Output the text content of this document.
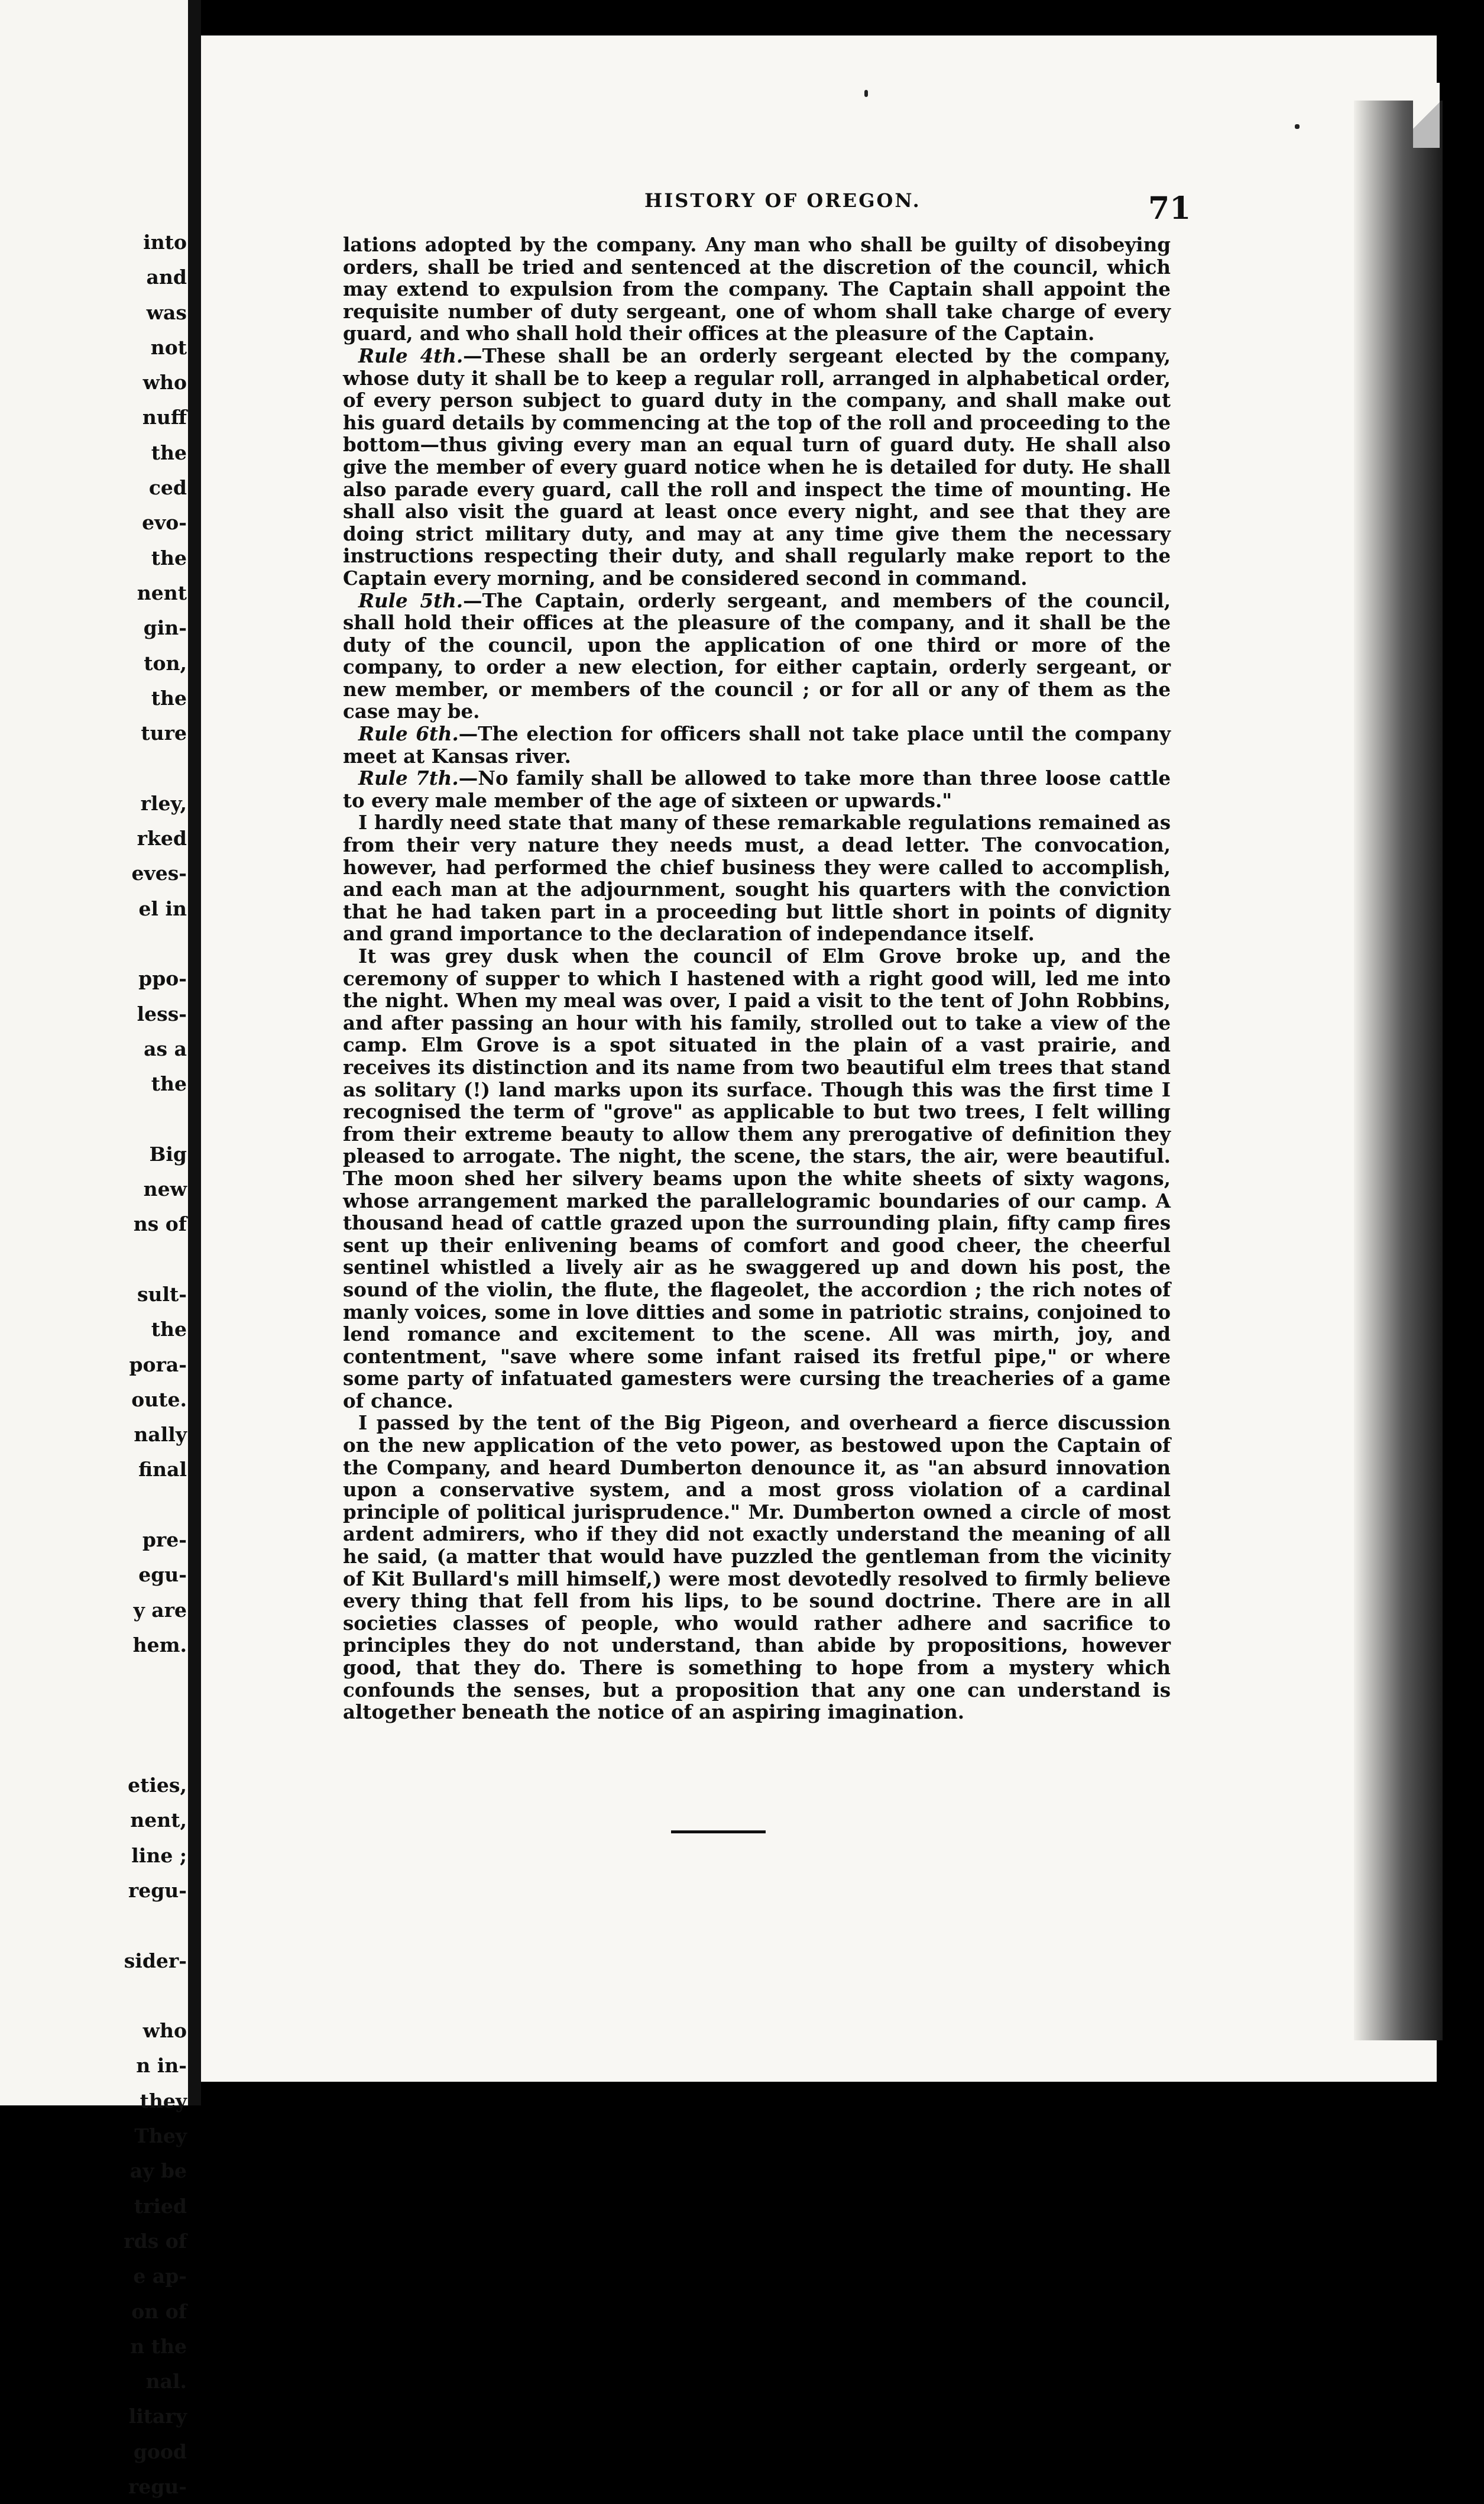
into
and
was
not
who
nuff
the
ced
evo-
the
nent
gin-
ton,
the
ture
rley,
rked
eves-
el in
ppo-
less-
as a
the
Big
new
ns of
sult-
the
pora-
oute.
nally
final
pre-
egu-
y are
hem.
eties,
nent,
line ;
regu-
sider-
who
n in-
they
They
ay be
tried
rds of
e ap-
on of
n the
nal.
litary
good
regu-
HISTORY OF OREGON.	71

lations adopted by the company. Any man who shall be guilty of disobeying orders, shall be tried and sentenced at the discretion of the council, which may extend to expulsion from the company. The Captain shall appoint the requisite number of duty sergeant, one of whom shall take charge of every guard, and who shall hold their offices at the pleasure of the Captain.

Rule 4th.—These shall be an orderly sergeant elected by the company, whose duty it shall be to keep a regular roll, arranged in alphabetical order, of every person subject to guard duty in the company, and shall make out his guard details by commencing at the top of the roll and proceeding to the bottom—thus giving every man an equal turn of guard duty. He shall also give the member of every guard notice when he is detailed for duty. He shall also parade every guard, call the roll and inspect the time of mounting. He shall also visit the guard at least once every night, and see that they are doing strict military duty, and may at any time give them the necessary instructions respecting their duty, and shall regularly make report to the Captain every morning, and be considered second in command.

Rule 5th.—The Captain, orderly sergeant, and members of the council, shall hold their offices at the pleasure of the company, and it shall be the duty of the council, upon the application of one third or more of the company, to order a new election, for either captain, orderly sergeant, or new member, or members of the council ; or for all or any of them as the case may be.

Rule 6th.—The election for officers shall not take place until the company meet at Kansas river.

Rule 7th.—No family shall be allowed to take more than three loose cattle to every male member of the age of sixteen or upwards."

I hardly need state that many of these remarkable regulations remained as from their very nature they needs must, a dead letter. The convocation, however, had performed the chief business they were called to accomplish, and each man at the adjournment, sought his quarters with the conviction that he had taken part in a proceeding but little short in points of dignity and grand importance to the declaration of independance itself.

It was grey dusk when the council of Elm Grove broke up, and the ceremony of supper to which I hastened with a right good will, led me into the night. When my meal was over, I paid a visit to the tent of John Robbins, and after passing an hour with his family, strolled out to take a view of the camp. Elm Grove is a spot situated in the plain of a vast prairie, and receives its distinction and its name from two beautiful elm trees that stand as solitary (!) land marks upon its surface. Though this was the first time I recognised the term of "grove" as applicable to but two trees, I felt willing from their extreme beauty to allow them any prerogative of definition they pleased to arrogate. The night, the scene, the stars, the air, were beautiful. The moon shed her silvery beams upon the white sheets of sixty wagons, whose arrangement marked the parallelogramic boundaries of our camp. A thousand head of cattle grazed upon the surrounding plain, fifty camp fires sent up their enlivening beams of comfort and good cheer, the cheerful sentinel whistled a lively air as he swaggered up and down his post, the sound of the violin, the flute, the flageolet, the accordion ; the rich notes of manly voices, some in love ditties and some in patriotic strains, conjoined to lend romance and excitement to the scene. All was mirth, joy, and contentment, "save where some infant raised its fretful pipe," or where some party of infatuated gamesters were cursing the treacheries of a game of chance.

I passed by the tent of the Big Pigeon, and overheard a fierce discussion on the new application of the veto power, as bestowed upon the Captain of the Company, and heard Dumberton denounce it, as "an absurd innovation upon a conservative system, and a most gross violation of a cardinal principle of political jurisprudence." Mr. Dumberton owned a circle of most ardent admirers, who if they did not exactly understand the meaning of all he said, (a matter that would have puzzled the gentleman from the vicinity of Kit Bullard's mill himself,) were most devotedly resolved to firmly believe every thing that fell from his lips, to be sound doctrine. There are in all societies classes of people, who would rather adhere and sacrifice to principles they do not understand, than abide by propositions, however good, that they do. There is something to hope from a mystery which confounds the senses, but a proposition that any one can understand is altogether beneath the notice of an aspiring imagination.
